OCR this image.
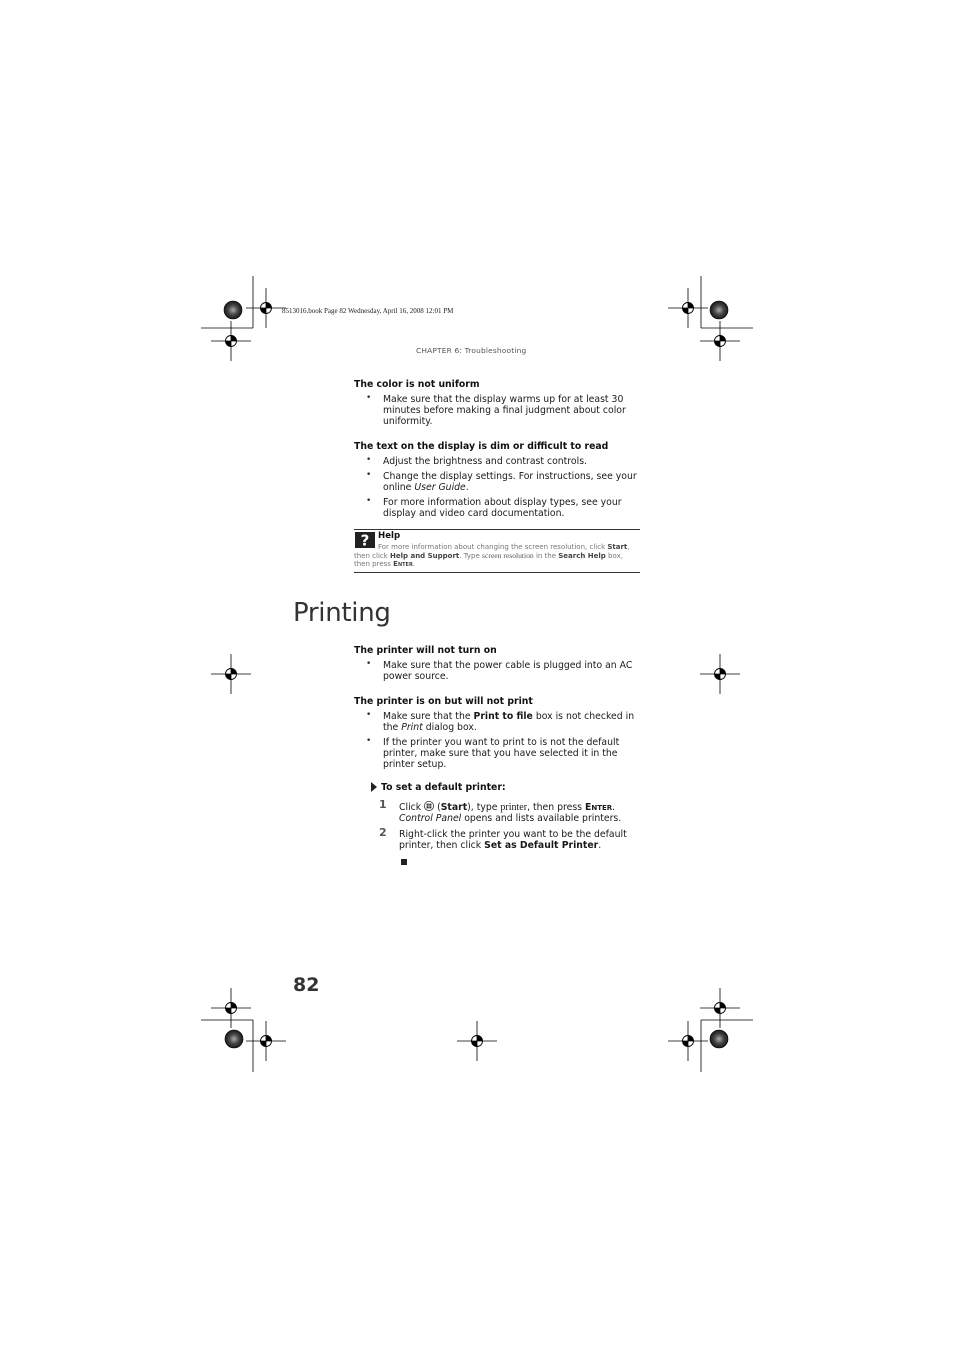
8513016.book Page 82 Wednesday, April 16, 2008 12:01 PM
CHAPTER 6: Troubleshooting
The color is not uniform
• Make sure that the display warms up for at least 30 minutes before making a final judgment about color uniformity.
The text on the display is dim or difficult to read
• Adjust the brightness and contrast controls.
• Change the display settings. For instructions, see your online User Guide.
• For more information about display types, see your display and video card documentation.
? Help
For more information about changing the screen resolution, click Start, then click Help and Support. Type screen resolution in the Search Help box, then press Enter.
Printing
The printer will not turn on
• Make sure that the power cable is plugged into an AC power source.
The printer is on but will not print
• Make sure that the Print to file box is not checked in the Print dialog box.
• If the printer you want to print to is not the default printer, make sure that you have selected it in the printer setup.
To set a default printer:
1 Click  (Start), type printer, then press Enter.
Control Panel opens and lists available printers.
2 Right-click the printer you want to be the default printer, then click Set as Default Printer.
82
